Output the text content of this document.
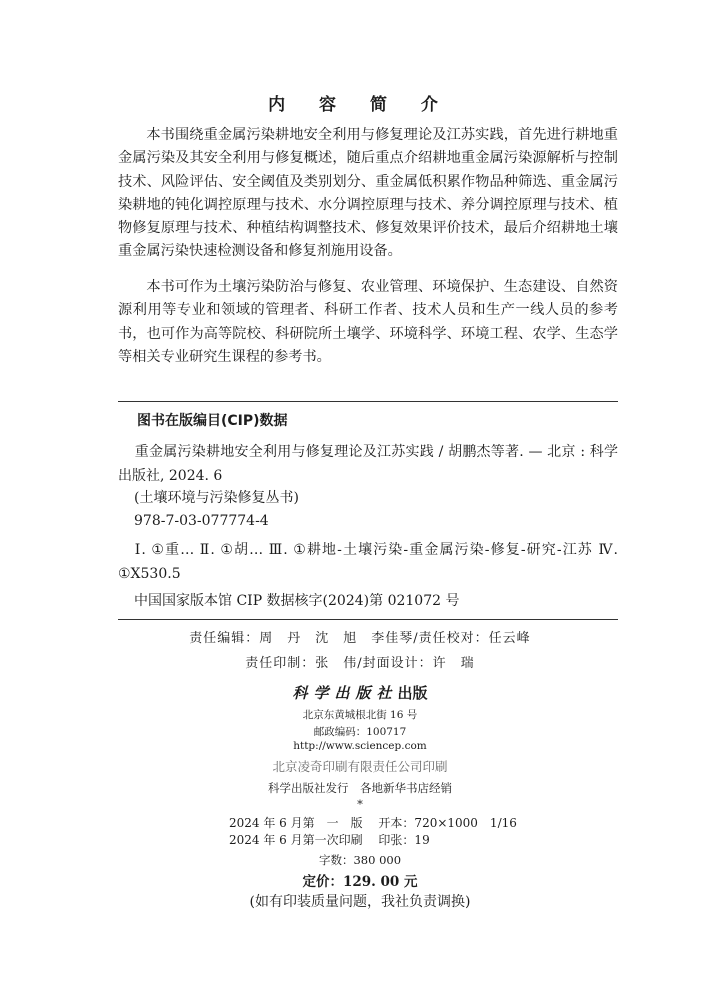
内 容 简 介

本书围绕重金属污染耕地安全利用与修复理论及江苏实践，首先进行耕地重金属污染及其安全利用与修复概述，随后重点介绍耕地重金属污染源解析与控制技术、风险评估、安全阈值及类别划分、重金属低积累作物品种筛选、重金属污染耕地的钝化调控原理与技术、水分调控原理与技术、养分调控原理与技术、植物修复原理与技术、种植结构调整技术、修复效果评价技术，最后介绍耕地土壤重金属污染快速检测设备和修复剂施用设备。

本书可作为土壤污染防治与修复、农业管理、环境保护、生态建设、自然资源利用等专业和领域的管理者、科研工作者、技术人员和生产一线人员的参考书，也可作为高等院校、科研院所土壤学、环境科学、环境工程、农学、生态学等相关专业研究生课程的参考书。

图书在版编目(CIP)数据

重金属污染耕地安全利用与修复理论及江苏实践 / 胡鹏杰等著. — 北京 : 科学出版社, 2024. 6

(土壤环境与污染修复丛书)

978-7-03-077774-4

Ⅰ. ①重… Ⅱ. ①胡… Ⅲ. ①耕地-土壤污染-重金属污染-修复-研究-江苏 Ⅳ. ①X530.5

中国国家版本馆 CIP 数据核字(2024)第 021072 号

责任编辑：周　丹　沈　旭　李佳琴/责任校对：任云峰
责任印制：张　伟/封面设计：许　瑞
科学出版社出版
北京东黄城根北街 16 号
邮政编码：100717
http://www.sciencep.com
北京凌奇印刷有限责任公司印刷
科学出版社发行　各地新华书店经销
*
2024 年 6 月第　一　版　 开本：720×1000　1/16
2024 年 6 月第一次印刷　 印张：19
字数：380 000
定价：129. 00 元
(如有印装质量问题，我社负责调换)
